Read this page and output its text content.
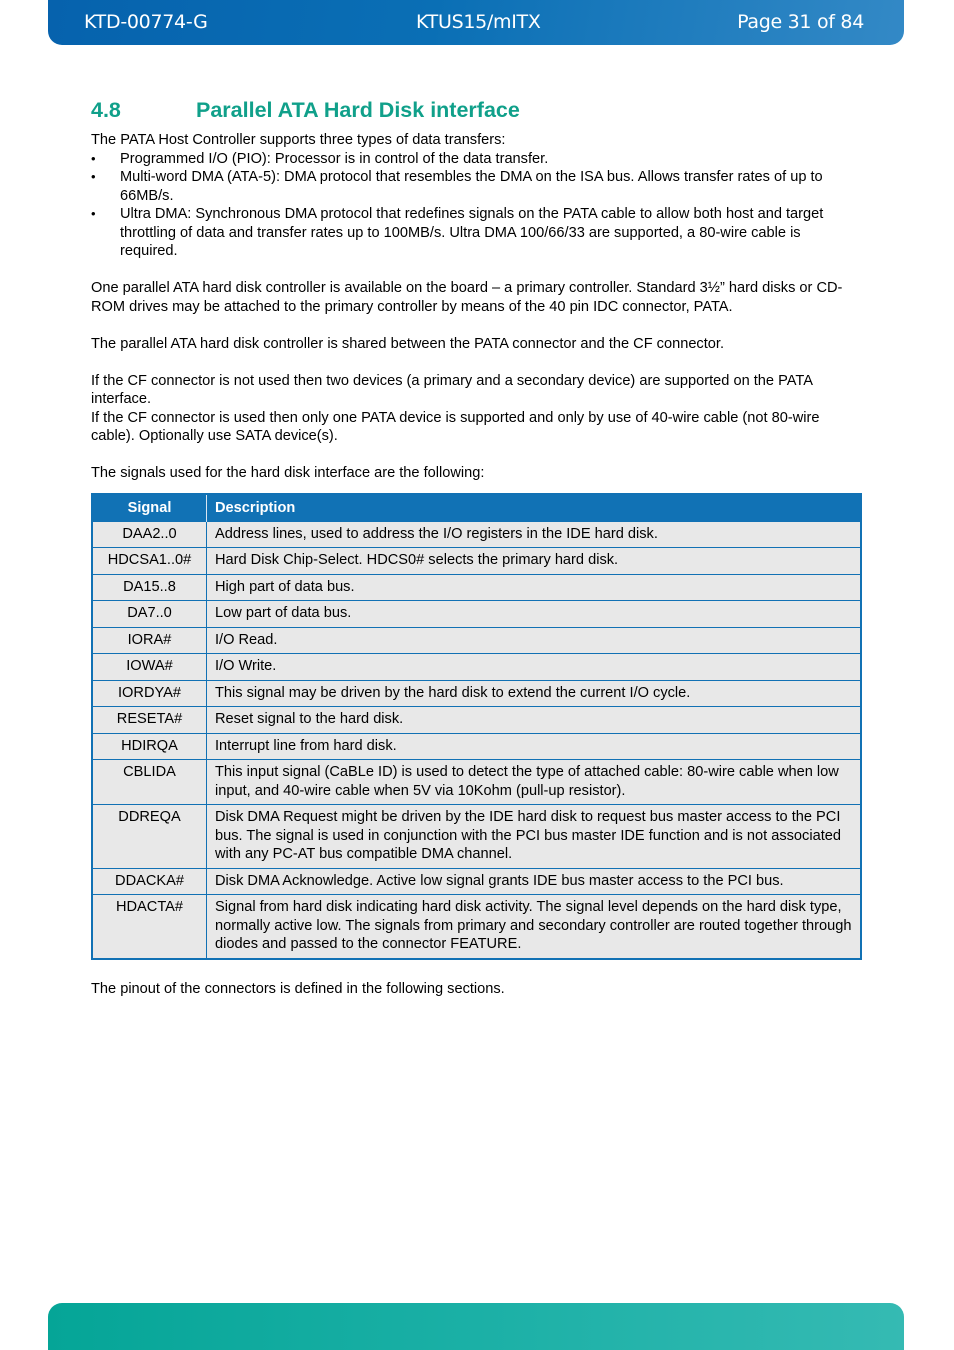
KTD-00774-G	KTUS15/mITX	Page 31 of 84
4.8	Parallel ATA Hard Disk interface

The PATA Host Controller supports three types of data transfers:

• Programmed I/O (PIO): Processor is in control of the data transfer.
• Multi-word DMA (ATA-5): DMA protocol that resembles the DMA on the ISA bus. Allows transfer rates of up to 66MB/s.
• Ultra DMA: Synchronous DMA protocol that redefines signals on the PATA cable to allow both host and target throttling of data and transfer rates up to 100MB/s. Ultra DMA 100/66/33 are supported, a 80-wire cable is required.

One parallel ATA hard disk controller is available on the board – a primary controller. Standard 3½” hard disks or CD-ROM drives may be attached to the primary controller by means of the 40 pin IDC connector, PATA.

The parallel ATA hard disk controller is shared between the PATA connector and the CF connector.

If the CF connector is not used then two devices (a primary and a secondary device) are supported on the PATA interface.

If the CF connector is used then only one PATA device is supported and only by use of 40-wire cable (not 80-wire cable). Optionally use SATA device(s).

The signals used for the hard disk interface are the following:

Signal	Description
DAA2..0	Address lines, used to address the I/O registers in the IDE hard disk.
HDCSA1..0#	Hard Disk Chip-Select. HDCS0# selects the primary hard disk.
DA15..8	High part of data bus.
DA7..0	Low part of data bus.
IORA#	I/O Read.
IOWA#	I/O Write.
IORDYA#	This signal may be driven by the hard disk to extend the current I/O cycle.
RESETA#	Reset signal to the hard disk.
HDIRQA	Interrupt line from hard disk.
CBLIDA	This input signal (CaBLe ID) is used to detect the type of attached cable: 80-wire cable when low input, and 40-wire cable when 5V via 10Kohm (pull-up resistor).
DDREQA	Disk DMA Request might be driven by the IDE hard disk to request bus master access to the PCI bus. The signal is used in conjunction with the PCI bus master IDE function and is not associated with any PC-AT bus compatible DMA channel.
DDACKA#	Disk DMA Acknowledge. Active low signal grants IDE bus master access to the PCI bus.
HDACTA#	Signal from hard disk indicating hard disk activity. The signal level depends on the hard disk type, normally active low. The signals from primary and secondary controller are routed together through diodes and passed to the connector FEATURE.

The pinout of the connectors is defined in the following sections.
